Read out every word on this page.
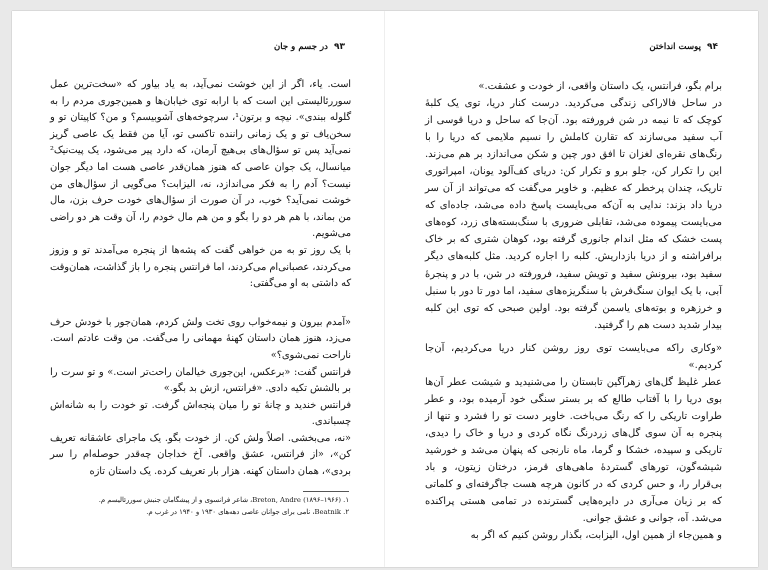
۹۳
در جسم و جان

است. یاء، اگر از این خوشت نمی‌آید، به یاد بیاور که «سخت‌ترین عمل سوررئالیستی این است که با ارابه توی خیابان‌ها و همین‌جوری مردم را به گلوله ببندی». نیچه و برتون¹، سرچوخه‌های آشوبیسم؟ و من؟ کاپیتان تو و سخن‌یاف تو و یک زمانی راننده تاکسی تو، آیا من فقط یک عاصی گریز نمی‌آید پس تو سؤال‌های بی‌هیچ آرمان، که دارد پیر می‌شود، یک پیت‌نیک² میانسال، یک جوان عاصی که هنوز همان‌قدر عاصی هست اما دیگر جوان نیست؟ آدم را به فکر می‌اندازد، نه، الیزابت؟ می‌گویی از سؤال‌های من خوشت نمی‌آید؟ خوب، در آن صورت از سؤال‌های خودت حرف بزن، مال من بماند، با هم هر دو را بگو و من هم مال خودم را، آن وقت هر دو راضی می‌شویم.

با یک روز تو به من خواهی گفت که پشه‌ها از پنجره می‌آمدند تو و وزوز می‌کردند، عصبانی‌ام می‌کردند، اما فرانتس پنجره را باز گذاشت، همان‌وقت که داشتی به او می‌گفتی:

«آمدم بیرون و نیمه‌خواب روی تخت ولش کردم، همان‌جور با خودش حرف می‌زد، هنوز همان داستان کهنهٔ مهمانی را می‌گفت. من وقت عادتم است. ناراحت نمی‌شوی؟»

فرانتس گفت: «برعکس، این‌جوری خیالمان راحت‌تر است.» و تو سرت را بر بالشش تکیه دادی. «فرانتس، ازش بد بگو.»

فرانتس خندید و چانهٔ تو را میان پنجه‌اش گرفت. تو خودت را به شانه‌اش چسباندی.

«نه، می‌بخشی. اصلاً ولش کن. از خودت بگو. یک ماجرای عاشقانه تعریف کن»، «از فرانتس، عشق واقعی. آخ خداجان چه‌قدر حوصله‌ام را سر بردی»، همان داستان کهنه. هزار بار تعریف کرده. یک داستان تازه

۱. Breton, Andre (۱۸۹۶–۱۹۶۶)، شاعر فرانسوی و از پیشگامان جنبش سوررئالیسم م.

۲. Beatnik، نامی برای جوانان عاصی دهه‌های ۱۹۳۰ و ۱۹۴۰ در غرب م.

۹۴
پوست انداختن

برام بگو، فرانتس، یک داستان واقعی، از خودت و عشقت.»

در ساحل فالاراکی زندگی می‌کردید. درست کنار دریا، توی یک کلبهٔ کوچک که تا نیمه در شن فرورفته بود. آن‌جا که ساحل و دریا قوسی از آب سفید می‌سازند که تقارن کاملش را نسیم ملایمی که دریا را با رنگ‌های نقره‌ای لغزان تا افق دور چین و شکن می‌اندازد بر هم می‌زند. این را تکرار کن، جلو برو و تکرار کن: دریای کف‌آلود یونان، امپراتوری تاریک، چندان پرخطر که عظیم. و خاویر می‌گفت که می‌تواند از آن سر دریا داد بزند: ندایی به آن‌که می‌بایست پاسخ داده می‌شد، جاده‌ای که می‌بایست پیموده می‌شد، تقابلی ضروری با سنگ‌بسته‌های زرد، کوه‌های پست خشک که مثل اندام جانوری گرفته بود، کوهان شتری که بر خاک برافراشته و از دریا بازداریش. کلبه را اجاره کردید. مثل کلبه‌های دیگر سفید بود، بیرونش سفید و تویش سفید، فرورفته در شن، با در و پنجرهٔ آبی، با یک ایوان سنگ‌فرش با سنگریزه‌های سفید، اما دور تا دور با سنبل و خرزهره و بوته‌های یاسمن گرفته بود. اولین صبحی که توی این کلبه بیدار شدید دست هم را گرفتید.

«وکاری راکه می‌بایست توی روز روشن کنار دریا می‌کردیم، آن‌جا کردیم.»

عطر غلیظ گل‌های زهرآگین تابستان را می‌شنیدید و شیشت عطر آن‌ها بوی دریا را با آفتاب طالع که بر بستر سنگی خود آرمیده بود، و عطر طراوت تاریکی را که رنگ می‌باخت. خاویر دست تو را فشرد و تنها از پنجره به آن سوی گل‌های زردرنگ نگاه کردی و دریا و خاک را دیدی، تاریکی و سپیده، خشکا و گرما، ماه نارنجی که پنهان می‌شد و خورشید شیشه‌گون، تورهای گستردهٔ ماهی‌های قرمز، درختان زیتون، و باد بی‌قرار را، و حس کردی که در کانون هرچه هست جاگرفته‌ای و کلماتی که بر زبان می‌آری در دایره‌هایی گسترنده در تمامی هستی پراکنده می‌شد. آه، جوانی و عشق جوانی.

و همین‌جاء از همین اول، الیزابت، بگذار روشن کنیم که اگر به
